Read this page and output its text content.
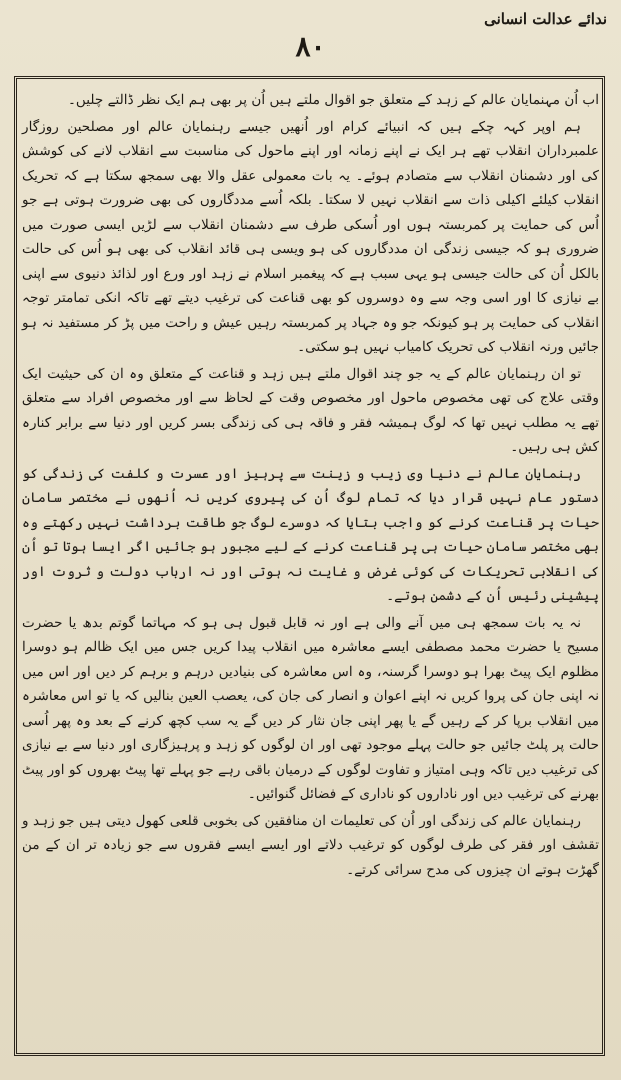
۸۰
ندائے عدالت انسانی

اب اُن مہنمایان عالم کے زہد کے متعلق جو اقوال ملتے ہیں اُن پر بھی ہم ایک نظر ڈالتے چلیں۔

ہم اوپر کہہ چکے ہیں کہ انبیائے کرام اور اُنھیں جیسے رہنمایان عالم اور مصلحین روزگار علمبرداران انقلاب تھے ہر ایک نے اپنے زمانہ اور اپنے ماحول کی مناسبت سے انقلاب لانے کی کوشش کی اور دشمنان انقلاب سے متصادم ہوئے۔ یہ بات معمولی عقل والا بھی سمجھ سکتا ہے کہ تحریک انقلاب کیلئے اکیلی ذات سے انقلاب نہیں لا سکتا۔ بلکہ اُسے مددگاروں کی بھی ضرورت ہوتی ہے جو اُس کی حمایت پر کمربستہ ہوں اور اُسکی طرف سے دشمنان انقلاب سے لڑیں ایسی صورت میں ضروری ہو کہ جیسی زندگی ان مددگاروں کی ہو ویسی ہی قائد انقلاب کی بھی ہو اُس کی حالت بالکل اُن کی حالت جیسی ہو یہی سبب ہے کہ پیغمبر اسلام نے زہد اور ورع اور لذائذ دنیوی سے اپنی بے نیازی کا اور اسی وجہ سے وہ دوسروں کو بھی قناعت کی ترغیب دیتے تھے تاکہ انکی تمامتر توجہ انقلاب کی حمایت پر ہو کیونکہ جو وہ جہاد پر کمربستہ رہیں عیش و راحت میں پڑ کر مستفید نہ ہو جائیں ورنہ انقلاب کی تحریک کامیاب نہیں ہو سکتی۔

تو ان رہنمایان عالم کے یہ جو چند اقوال ملتے ہیں زہد و قناعت کے متعلق وہ ان کی حیثیت ایک وقتی علاج کی تھی مخصوص ماحول اور مخصوص وقت کے لحاظ سے اور مخصوص افراد سے متعلق تھے یہ مطلب نہیں تھا کہ لوگ ہمیشہ فقر و فاقہ ہی کی زندگی بسر کریں اور دنیا سے برابر کنارہ کش ہی رہیں۔

رہنمایان عالم نے دنیا وی زیب و زینت سے پرہیز اور عسرت و کلفت کی زندگی کو دستور عام نہیں قرار دیا کہ تمام لوگ اُن کی پیروی کریں نہ اُنھوں نے مختصر سامان حیات پر قناعت کرنے کو واجب بتایا کہ دوسرے لوگ جو طاقت برداشت نہیں رکھتے وہ بھی مختصر سامان حیات ہی پر قناعت کرنے کے لیے مجبور ہو جائیں اگر ایسا ہوتا تو اُن کی انقلابی تحریکات کی کوئی غرض و غایت نہ ہوتی اور نہ ارباب دولت و ثروت اور پیشینی رئیس اُن کے دشمن ہوتے۔

نہ یہ بات سمجھ ہی میں آنے والی ہے اور نہ قابل قبول ہی ہو کہ مہاتما گوتم بدھ یا حضرت مسیح یا حضرت محمد مصطفی ایسے معاشرہ میں انقلاب پیدا کریں جس میں ایک ظالم ہو دوسرا مظلوم ایک پیٹ بھرا ہو دوسرا گرسنہ، وہ اس معاشرہ کی بنیادیں درہم و برہم کر دیں اور اس میں نہ اپنی جان کی پروا کریں نہ اپنے اعوان و انصار کی جان کی، یعصب العین بنالیں کہ یا تو اس معاشرہ میں انقلاب برپا کر کے رہیں گے یا پھر اپنی جان نثار کر دیں گے یہ سب کچھ کرنے کے بعد وہ پھر اُسی حالت پر پلٹ جائیں جو حالت پہلے موجود تھی اور ان لوگوں کو زہد و پرہیزگاری اور دنیا سے بے نیازی کی ترغیب دیں تاکہ وہی امتیاز و تفاوت لوگوں کے درمیان باقی رہے جو پہلے تھا پیٹ بھروں کو اور پیٹ بھرنے کی ترغیب دیں اور ناداروں کو ناداری کے فضائل گنوائیں۔

رہنمایان عالم کی زندگی اور اُن کی تعلیمات ان منافقین کی بخوبی قلعی کھول دیتی ہیں جو زہد و تقشف اور فقر کی طرف لوگوں کو ترغیب دلاتے اور ایسے ایسے فقروں سے جو زیادہ تر ان کے من گھڑت ہوتے ان چیزوں کی مدح سرائی کرتے۔
